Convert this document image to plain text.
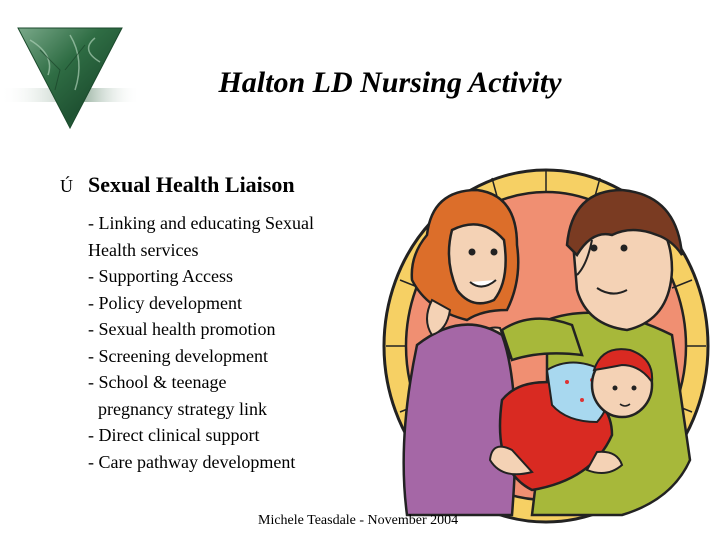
Halton LD Nursing Activity
Ú Sexual Health Liaison
- Linking and educating Sexual
Health services
- Supporting Access
- Policy development
- Sexual health promotion
- Screening development
- School & teenage
pregnancy strategy link
- Direct clinical support
- Care pathway development
Michele Teasdale - November 2004
